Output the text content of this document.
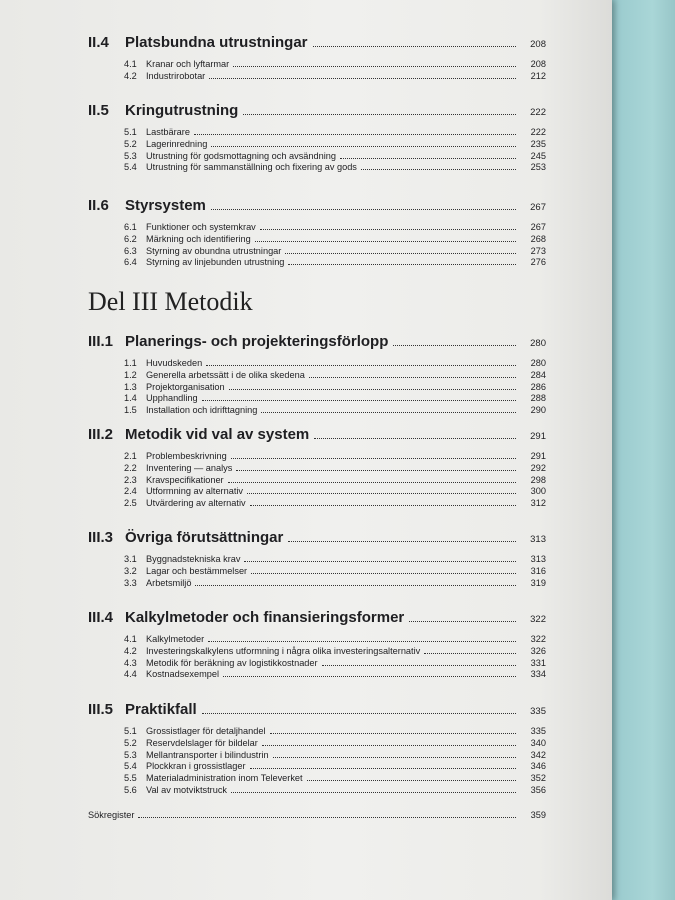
II.4	Platsbundna utrustningar	208
4.1	Kranar och lyftarmar	208
4.2	Industrirobotar	212
II.5	Kringutrustning	222
5.1	Lastbärare	222
5.2	Lagerinredning	235
5.3	Utrustning för godsmottagning och avsändning	245
5.4	Utrustning för sammanställning och fixering av gods	253
II.6	Styrsystem	267
6.1	Funktioner och systemkrav	267
6.2	Märkning och identifiering	268
6.3	Styrning av obundna utrustningar	273
6.4	Styrning av linjebunden utrustning	276
Del III Metodik
III.1 Planerings- och projekteringsförlopp	280
1.1	Huvudskeden	280
1.2	Generella arbetssätt i de olika skedena	284
1.3	Projektorganisation	286
1.4	Upphandling	288
1.5	Installation och idrifttagning	290
III.2 Metodik vid val av system	291
2.1	Problembeskrivning	291
2.2	Inventering — analys	292
2.3	Kravspecifikationer	298
2.4	Utformning av alternativ	300
2.5	Utvärdering av alternativ	312
III.3 Övriga förutsättningar	313
3.1	Byggnadstekniska krav	313
3.2	Lagar och bestämmelser	316
3.3	Arbetsmiljö	319
III.4 Kalkylmetoder och finansieringsformer	322
4.1	Kalkylmetoder	322
4.2	Investeringskalkylens utformning i några olika investeringsalternativ	326
4.3	Metodik för beräkning av logistikkostnader	331
4.4	Kostnadsexempel	334
III.5 Praktikfall	335
5.1	Grossistlager för detaljhandel	335
5.2	Reservdelslager för bildelar	340
5.3	Mellantransporter i bilindustrin	342
5.4	Plockkran i grossistlager	346
5.5	Materialadministration inom Televerket	352
5.6	Val av motviktstruck	356
Sökregister	359
